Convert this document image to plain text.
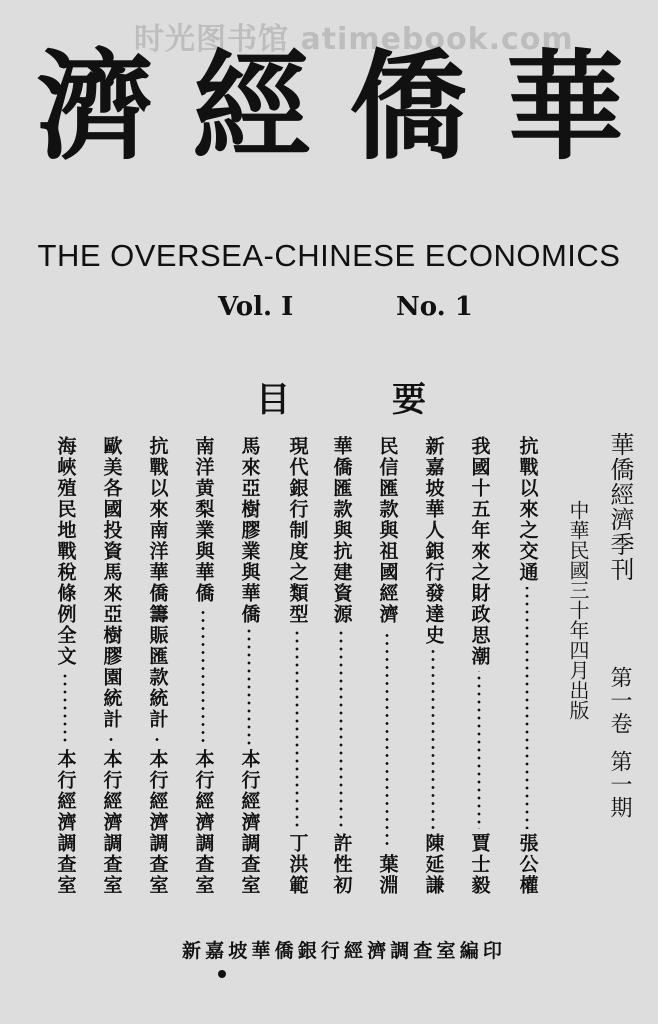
时光图书馆 atimebook.com
濟 經 僑 華
THE OVERSEA-CHINESE ECONOMICS
Vol. I	No. 1
目	要
華僑經濟季刊
中華民國三十年四月出版 第一卷
第一期
抗戰以來之交通
張公權
我國十五年來之財政思潮
賈士毅
新嘉坡華人銀行發達史
陳延謙
民信匯款與祖國經濟
葉淵
華僑匯款與抗建資源
許性初
現代銀行制度之類型
丁洪範
馬來亞樹膠業與華僑
本行經濟調查室
南洋黄梨業與華僑
本行經濟調查室
抗戰以來南洋華僑籌賑匯款統計
本行經濟調查室
歐美各國投資馬來亞樹膠園統計
本行經濟調查室
海峽殖民地戰稅條例全文
本行經濟調查室
新 嘉 坡 華 僑 銀 行 經 濟 調 查 室 編 印
